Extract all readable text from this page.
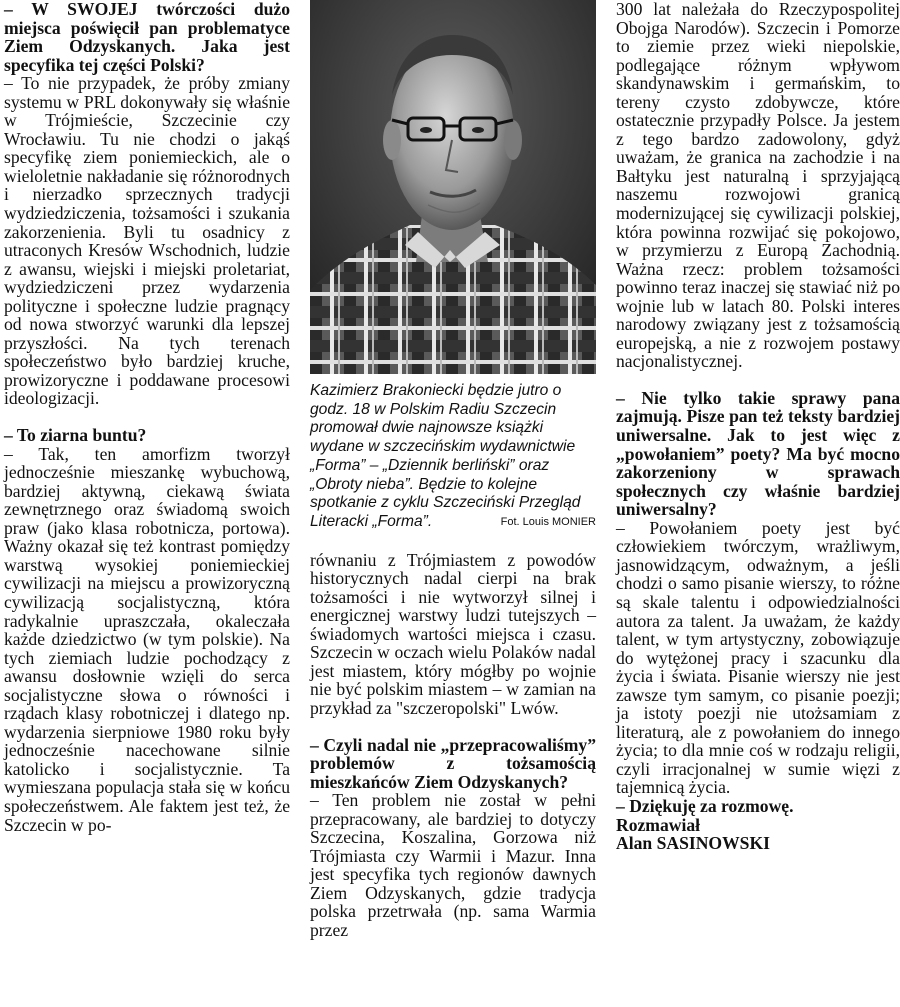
– W SWOJEJ twórczości dużo miejsca poświęcił pan problematyce Ziem Odzyskanych. Jaka jest specyfika tej części Polski?

– To nie przypadek, że próby zmiany systemu w PRL dokonywały się właśnie w Trójmieście, Szczecinie czy Wrocławiu. Tu nie chodzi o jakąś specyfikę ziem poniemieckich, ale o wieloletnie nakładanie się różnorodnych i nierzadko sprzecznych tradycji wydziedziczenia, tożsamości i szukania zakorzenienia. Byli tu osadnicy z utraconych Kresów Wschodnich, ludzie z awansu, wiejski i miejski proletariat, wydziedziczeni przez wydarzenia polityczne i społeczne ludzie pragnący od nowa stworzyć warunki dla lepszej przyszłości. Na tych terenach społeczeństwo było bardziej kruche, prowizoryczne i poddawane procesowi ideologizacji.

– To ziarna buntu?

– Tak, ten amorfizm tworzył jednocześnie mieszankę wybuchową, bardziej aktywną, ciekawą świata zewnętrznego oraz świadomą swoich praw (jako klasa robotnicza, portowa). Ważny okazał się też kontrast pomiędzy warstwą wysokiej poniemieckiej cywilizacji na miejscu a prowizoryczną cywilizacją socjalistyczną, która radykalnie upraszczała, okaleczała każde dziedzictwo (w tym polskie). Na tych ziemiach ludzie pochodzący z awansu dosłownie wzięli do serca socjalistyczne słowa o równości i rządach klasy robotniczej i dlatego np. wydarzenia sierpniowe 1980 roku były jednocześnie nacechowane silnie katolicko i socjalistycznie. Ta wymieszana populacja stała się w końcu społeczeństwem. Ale faktem jest też, że Szczecin w po-

Kazimierz Brakoniecki będzie jutro o godz. 18 w Polskim Radiu Szczecin promował dwie najnowsze książki wydane w szczecińskim wydawnictwie „Forma” – „Dziennik berliński” oraz „Obroty nieba”. Będzie to kolejne spotkanie z cyklu Szczeciński Przegląd Literacki „Forma”.	Fot. Louis MONIER

równaniu z Trójmiastem z powodów historycznych nadal cierpi na brak tożsamości i nie wytworzył silnej i energicznej warstwy ludzi tutejszych – świadomych wartości miejsca i czasu. Szczecin w oczach wielu Polaków nadal jest miastem, który mógłby po wojnie nie być polskim miastem – w zamian na przykład za "szczeropolski" Lwów.

– Czyli nadal nie „przepracowaliśmy” problemów z tożsamością mieszkańców Ziem Odzyskanych?

– Ten problem nie został w pełni przepracowany, ale bardziej to dotyczy Szczecina, Koszalina, Gorzowa niż Trójmiasta czy Warmii i Mazur. Inna jest specyfika tych regionów dawnych Ziem Odzyskanych, gdzie tradycja polska przetrwała (np. sama Warmia przez

300 lat należała do Rzeczypospolitej Obojga Narodów). Szczecin i Pomorze to ziemie przez wieki niepolskie, podlegające różnym wpływom skandynawskim i germańskim, to tereny czysto zdobywcze, które ostatecznie przypadły Polsce. Ja jestem z tego bardzo zadowolony, gdyż uważam, że granica na zachodzie i na Bałtyku jest naturalną i sprzyjającą naszemu rozwojowi granicą modernizującej się cywilizacji polskiej, która powinna rozwijać się pokojowo, w przymierzu z Europą Zachodnią. Ważna rzecz: problem tożsamości powinno teraz inaczej się stawiać niż po wojnie lub w latach 80. Polski interes narodowy związany jest z tożsamością europejską, a nie z rozwojem postawy nacjonalistycznej.

– Nie tylko takie sprawy pana zajmują. Pisze pan też teksty bardziej uniwersalne. Jak to jest więc z „powołaniem” poety? Ma być mocno zakorzeniony w sprawach społecznych czy właśnie bardziej uniwersalny?

– Powołaniem poety jest być człowiekiem twórczym, wrażliwym, jasnowidzącym, odważnym, a jeśli chodzi o samo pisanie wierszy, to różne są skale talentu i odpowiedzialności autora za talent. Ja uważam, że każdy talent, w tym artystyczny, zobowiązuje do wytężonej pracy i szacunku dla życia i świata. Pisanie wierszy nie jest zawsze tym samym, co pisanie poezji; ja istoty poezji nie utożsamiam z literaturą, ale z powołaniem do innego życia; to dla mnie coś w rodzaju religii, czyli irracjonalnej w sumie więzi z tajemnicą życia.

– Dziękuję za rozmowę.

Rozmawiał

Alan SASINOWSKI
